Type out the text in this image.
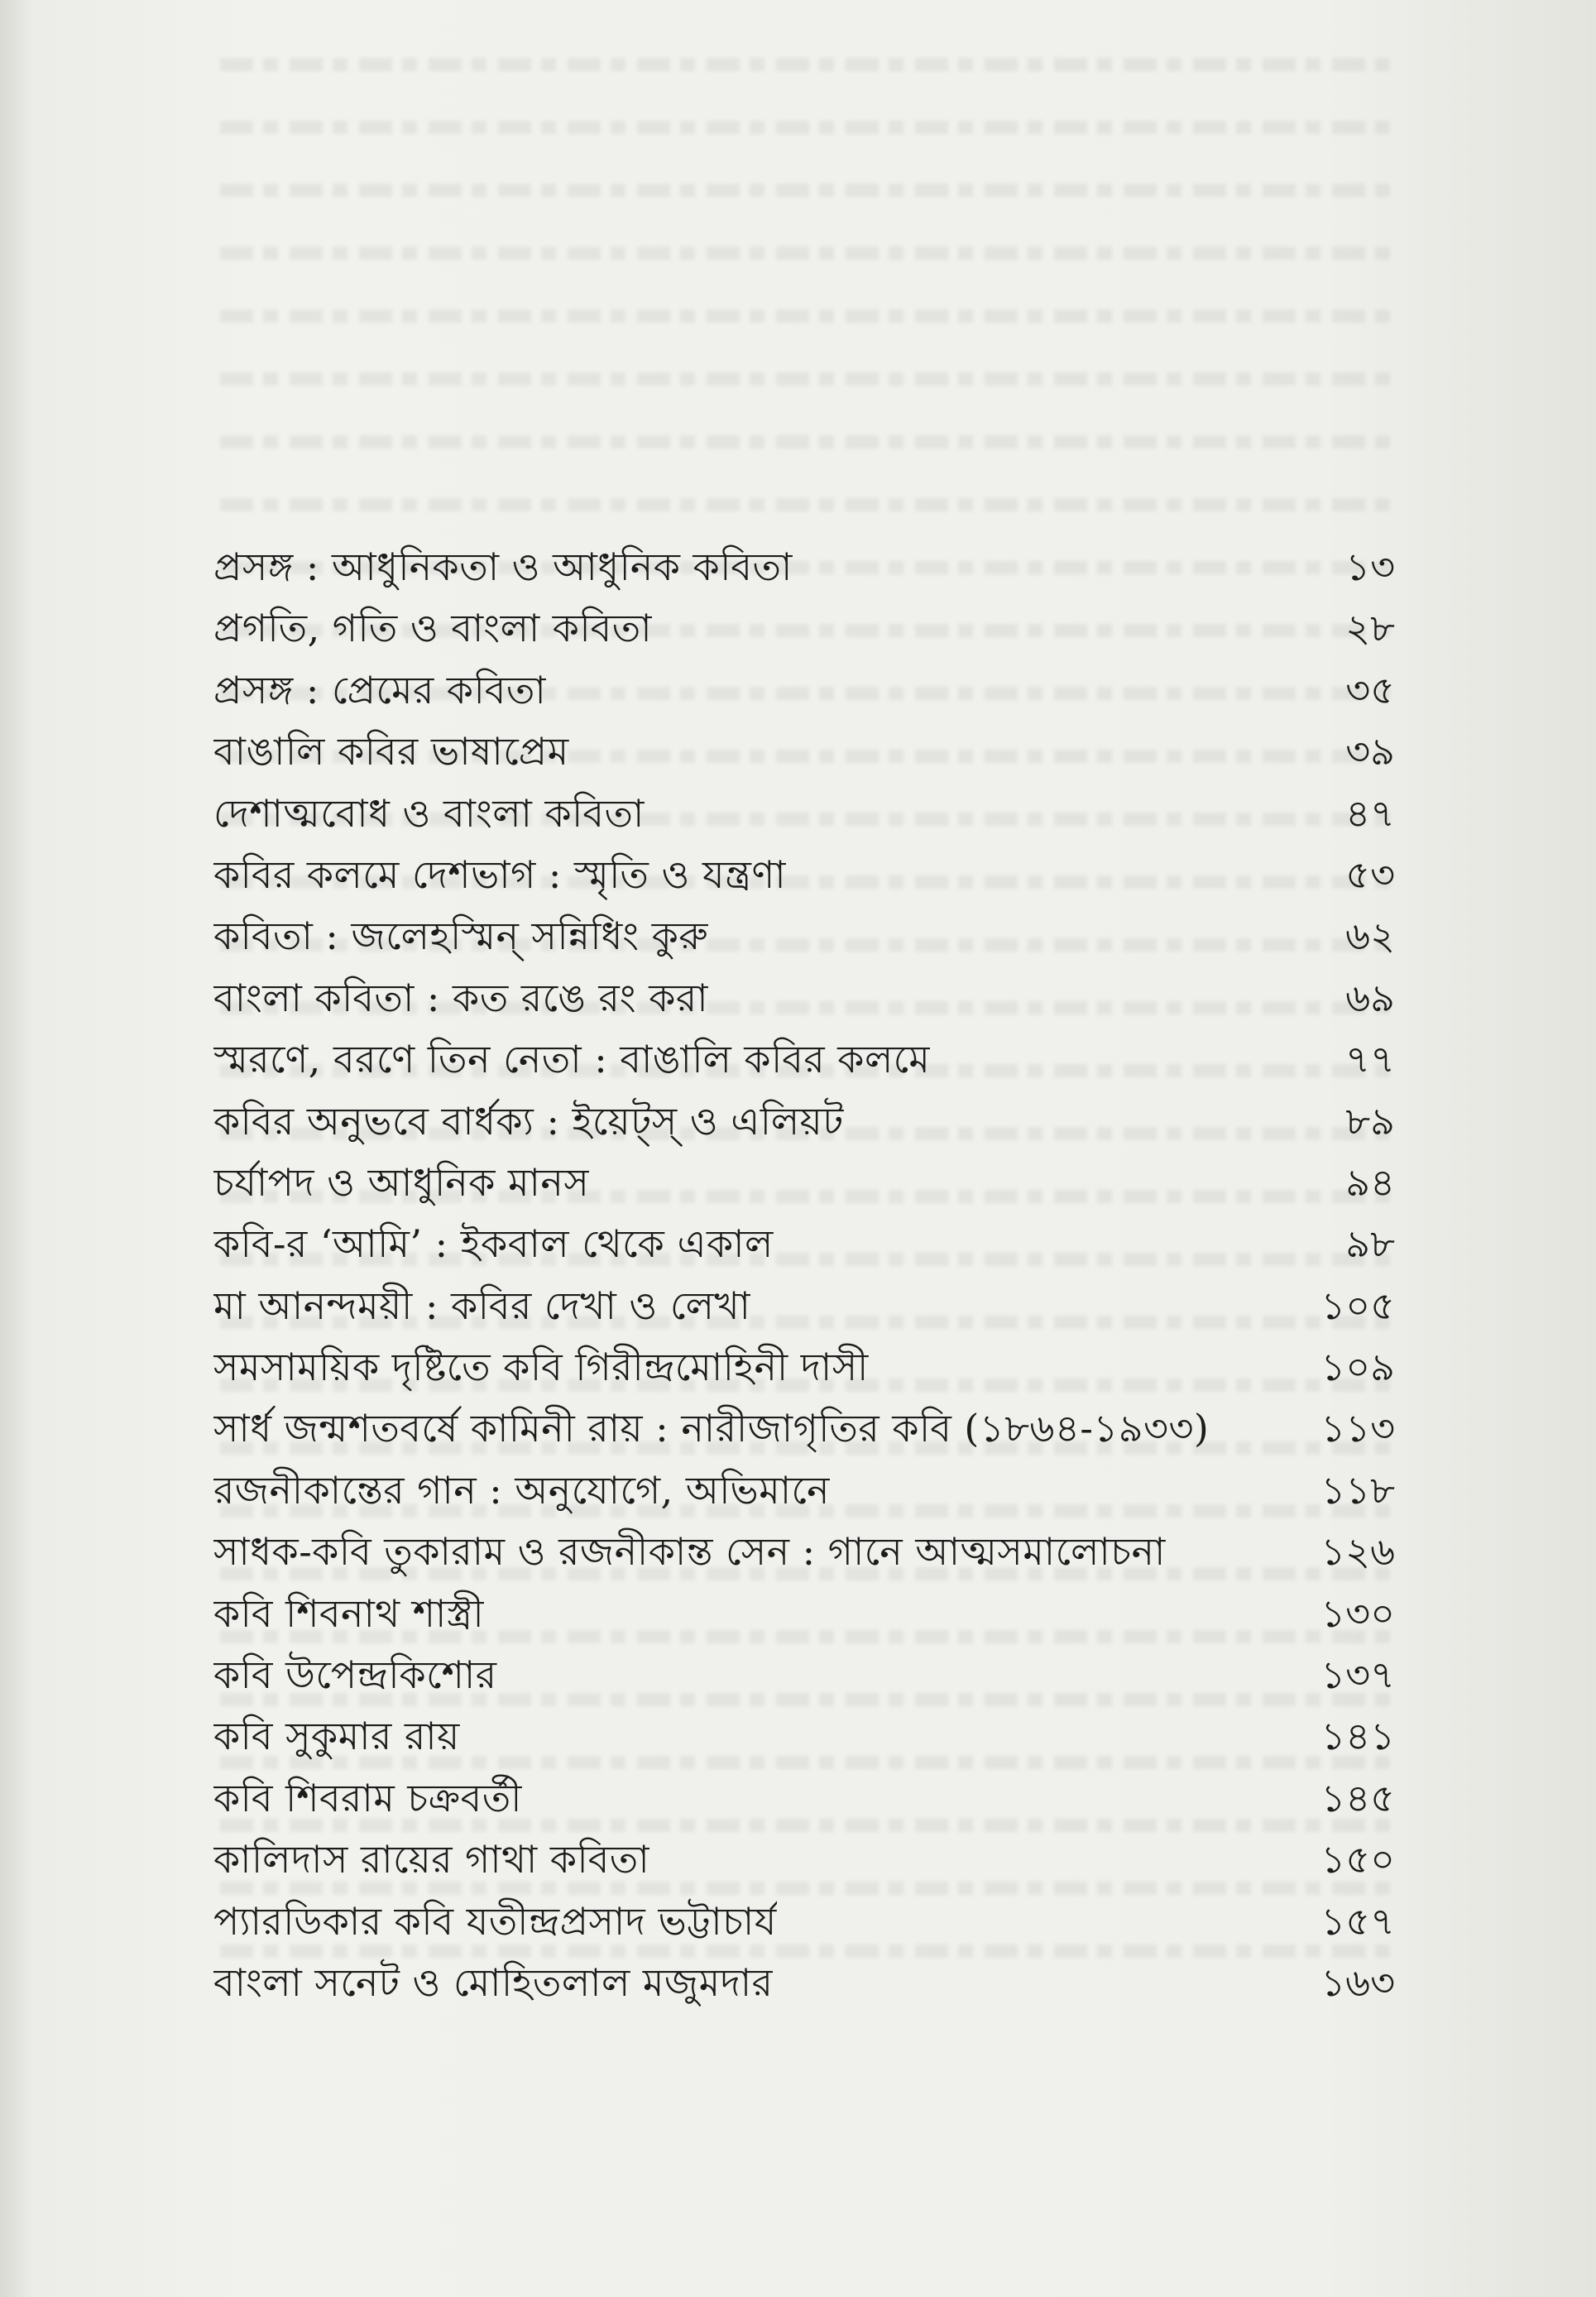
প্রসঙ্গ : আধুনিকতা ও আধুনিক কবিতা	১৩
প্রগতি, গতি ও বাংলা কবিতা	২৮
প্রসঙ্গ : প্রেমের কবিতা	৩৫
বাঙালি কবির ভাষাপ্রেম	৩৯
দেশাত্মবোধ ও বাংলা কবিতা	৪৭
কবির কলমে দেশভাগ : স্মৃতি ও যন্ত্রণা	৫৩
কবিতা : জলেহস্মিন্ সন্নিধিং কুরু	৬২
বাংলা কবিতা : কত রঙে রং করা	৬৯
স্মরণে, বরণে তিন নেতা : বাঙালি কবির কলমে	৭৭
কবির অনুভবে বার্ধক্য : ইয়েট্স্ ও এলিয়ট	৮৯
চর্যাপদ ও আধুনিক মানস	৯৪
কবি-র ‘আমি’ : ইকবাল থেকে একাল	৯৮
মা আনন্দময়ী : কবির দেখা ও লেখা	১০৫
সমসাময়িক দৃষ্টিতে কবি গিরীন্দ্রমোহিনী দাসী	১০৯
সার্ধ জন্মশতবর্ষে কামিনী রায় : নারীজাগৃতির কবি (১৮৬৪-১৯৩৩)	১১৩
রজনীকান্তের গান : অনুযোগে, অভিমানে	১১৮
সাধক-কবি তুকারাম ও রজনীকান্ত সেন : গানে আত্মসমালোচনা	১২৬
কবি শিবনাথ শাস্ত্রী	১৩০
কবি উপেন্দ্রকিশোর	১৩৭
কবি সুকুমার রায়	১৪১
কবি শিবরাম চক্রবর্তী	১৪৫
কালিদাস রায়ের গাথা কবিতা	১৫০
প্যারডিকার কবি যতীন্দ্রপ্রসাদ ভট্টাচার্য	১৫৭
বাংলা সনেট ও মোহিতলাল মজুমদার	১৬৩
